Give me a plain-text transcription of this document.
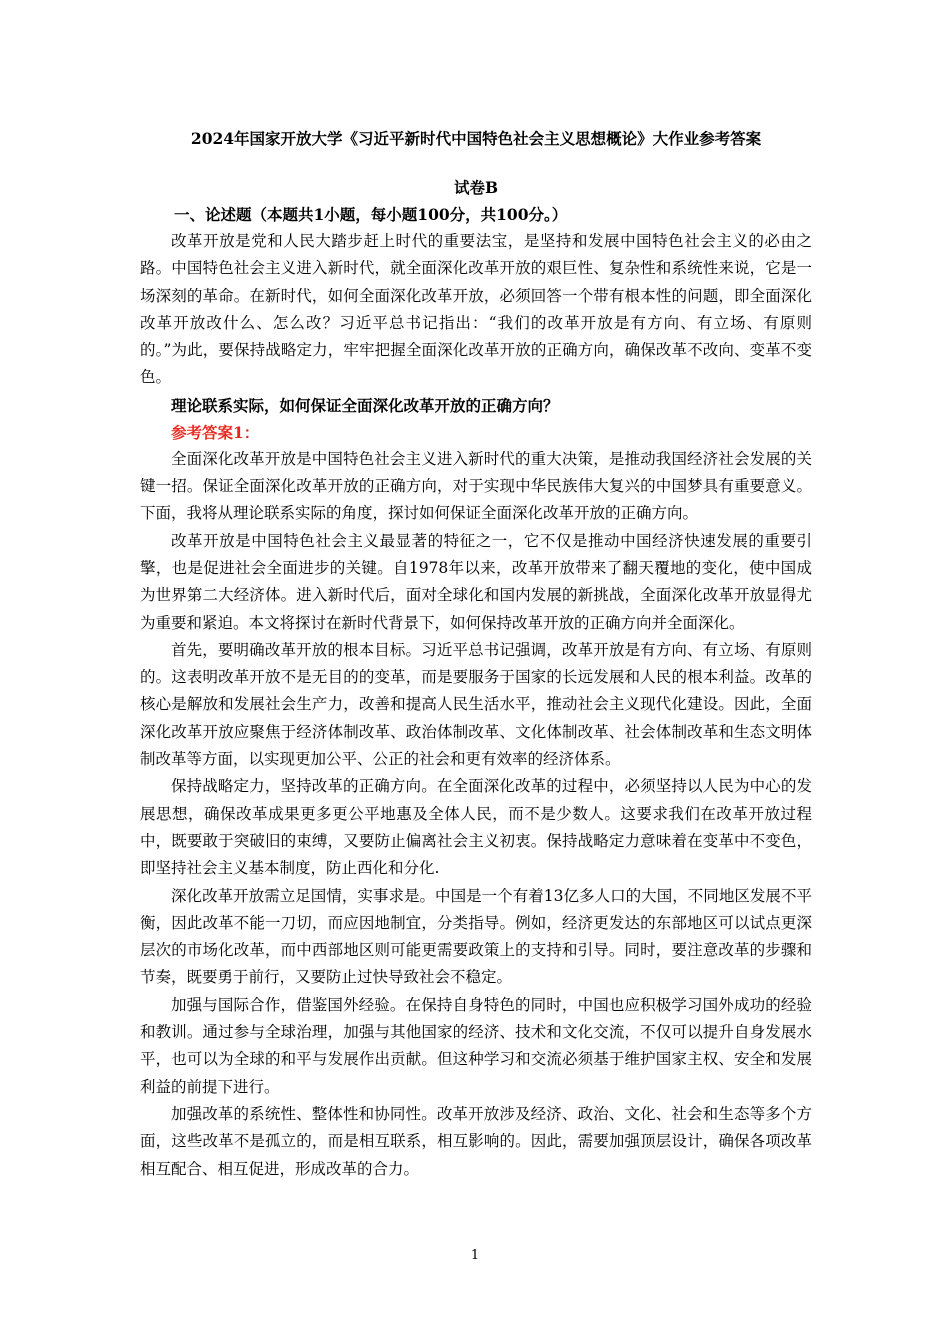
2024年国家开放大学《习近平新时代中国特色社会主义思想概论》大作业参考答案
试卷B
一、论述题（本题共1小题，每小题100分，共100分。）

改革开放是党和人民大踏步赶上时代的重要法宝，是坚持和发展中国特色社会主义的必由之路。中国特色社会主义进入新时代，就全面深化改革开放的艰巨性、复杂性和系统性来说，它是一场深刻的革命。在新时代，如何全面深化改革开放，必须回答一个带有根本性的问题，即全面深化改革开放改什么、怎么改？习近平总书记指出：“我们的改革开放是有方向、有立场、有原则的。”为此，要保持战略定力，牢牢把握全面深化改革开放的正确方向，确保改革不改向、变革不变色。

理论联系实际，如何保证全面深化改革开放的正确方向？
参考答案1：

全面深化改革开放是中国特色社会主义进入新时代的重大决策，是推动我国经济社会发展的关键一招。保证全面深化改革开放的正确方向，对于实现中华民族伟大复兴的中国梦具有重要意义。下面，我将从理论联系实际的角度，探讨如何保证全面深化改革开放的正确方向。

改革开放是中国特色社会主义最显著的特征之一，它不仅是推动中国经济快速发展的重要引擎，也是促进社会全面进步的关键。自1978年以来，改革开放带来了翻天覆地的变化，使中国成为世界第二大经济体。进入新时代后，面对全球化和国内发展的新挑战，全面深化改革开放显得尤为重要和紧迫。本文将探讨在新时代背景下，如何保持改革开放的正确方向并全面深化。

首先，要明确改革开放的根本目标。习近平总书记强调，改革开放是有方向、有立场、有原则的。这表明改革开放不是无目的的变革，而是要服务于国家的长远发展和人民的根本利益。改革的核心是解放和发展社会生产力，改善和提高人民生活水平，推动社会主义现代化建设。因此，全面深化改革开放应聚焦于经济体制改革、政治体制改革、文化体制改革、社会体制改革和生态文明体制改革等方面，以实现更加公平、公正的社会和更有效率的经济体系。

保持战略定力，坚持改革的正确方向。在全面深化改革的过程中，必须坚持以人民为中心的发展思想，确保改革成果更多更公平地惠及全体人民，而不是少数人。这要求我们在改革开放过程中，既要敢于突破旧的束缚，又要防止偏离社会主义初衷。保持战略定力意味着在变革中不变色，即坚持社会主义基本制度，防止西化和分化.

深化改革开放需立足国情，实事求是。中国是一个有着13亿多人口的大国，不同地区发展不平衡，因此改革不能一刀切，而应因地制宜，分类指导。例如，经济更发达的东部地区可以试点更深层次的市场化改革，而中西部地区则可能更需要政策上的支持和引导。同时，要注意改革的步骤和节奏，既要勇于前行，又要防止过快导致社会不稳定。

加强与国际合作，借鉴国外经验。在保持自身特色的同时，中国也应积极学习国外成功的经验和教训。通过参与全球治理，加强与其他国家的经济、技术和文化交流，不仅可以提升自身发展水平，也可以为全球的和平与发展作出贡献。但这种学习和交流必须基于维护国家主权、安全和发展利益的前提下进行。

加强改革的系统性、整体性和协同性。改革开放涉及经济、政治、文化、社会和生态等多个方面，这些改革不是孤立的，而是相互联系，相互影响的。因此，需要加强顶层设计，确保各项改革相互配合、相互促进，形成改革的合力。

1
